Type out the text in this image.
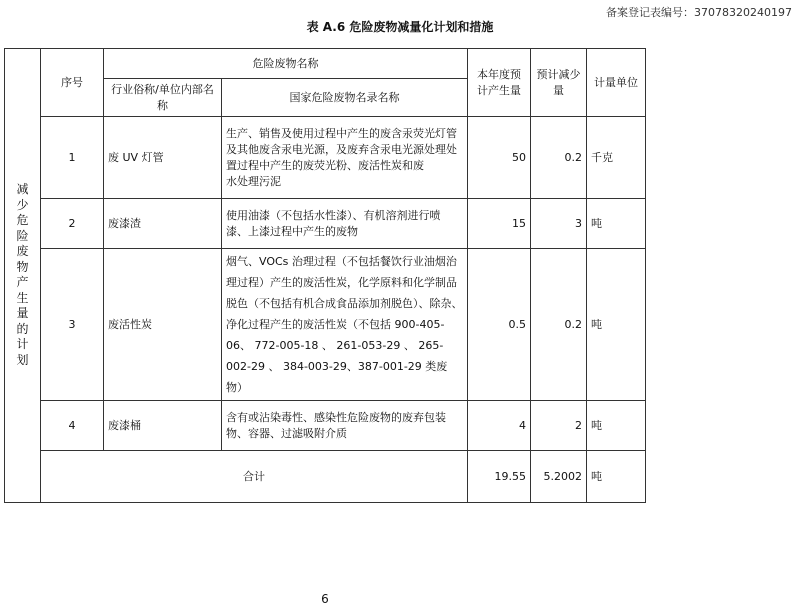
备案登记表编号：37078320240197
表 A.6 危险废物减量化计划和措施
减少危险废物产生量的计划	序号	危险废物名称		本年度预计产生量	预计减少量	计量单位
		行业俗称/单位内部名称	国家危险废物名录名称			
	1	废 UV 灯管	生产、销售及使用过程中产生的废含汞荧光灯管及其他废含汞电光源，及废弃含汞电光源处理处置过程中产生的废荧光粉、废活性炭和废
水处理污泥	50	0.2	千克
	2	废漆渣	使用油漆（不包括水性漆）、有机溶剂进行喷
漆、上漆过程中产生的废物	15	3	吨
	3	废活性炭	烟气、VOCs 治理过程（不包括餐饮行业油烟治理过程）产生的废活性炭，化学原料和化学制品脱色（不包括有机合成食品添加剂脱色）、除杂、净化过程产生的废活性炭（不包括 900-405-06、 772-005-18 、 261-053-29 、 265-002-29 、 384-003-29、387-001-29 类废物）	0.5	0.2	吨
	4	废漆桶	含有或沾染毒性、感染性危险废物的废弃包装
物、容器、过滤吸附介质	4	2	吨
	合计			19.55	5.2002	吨
6
